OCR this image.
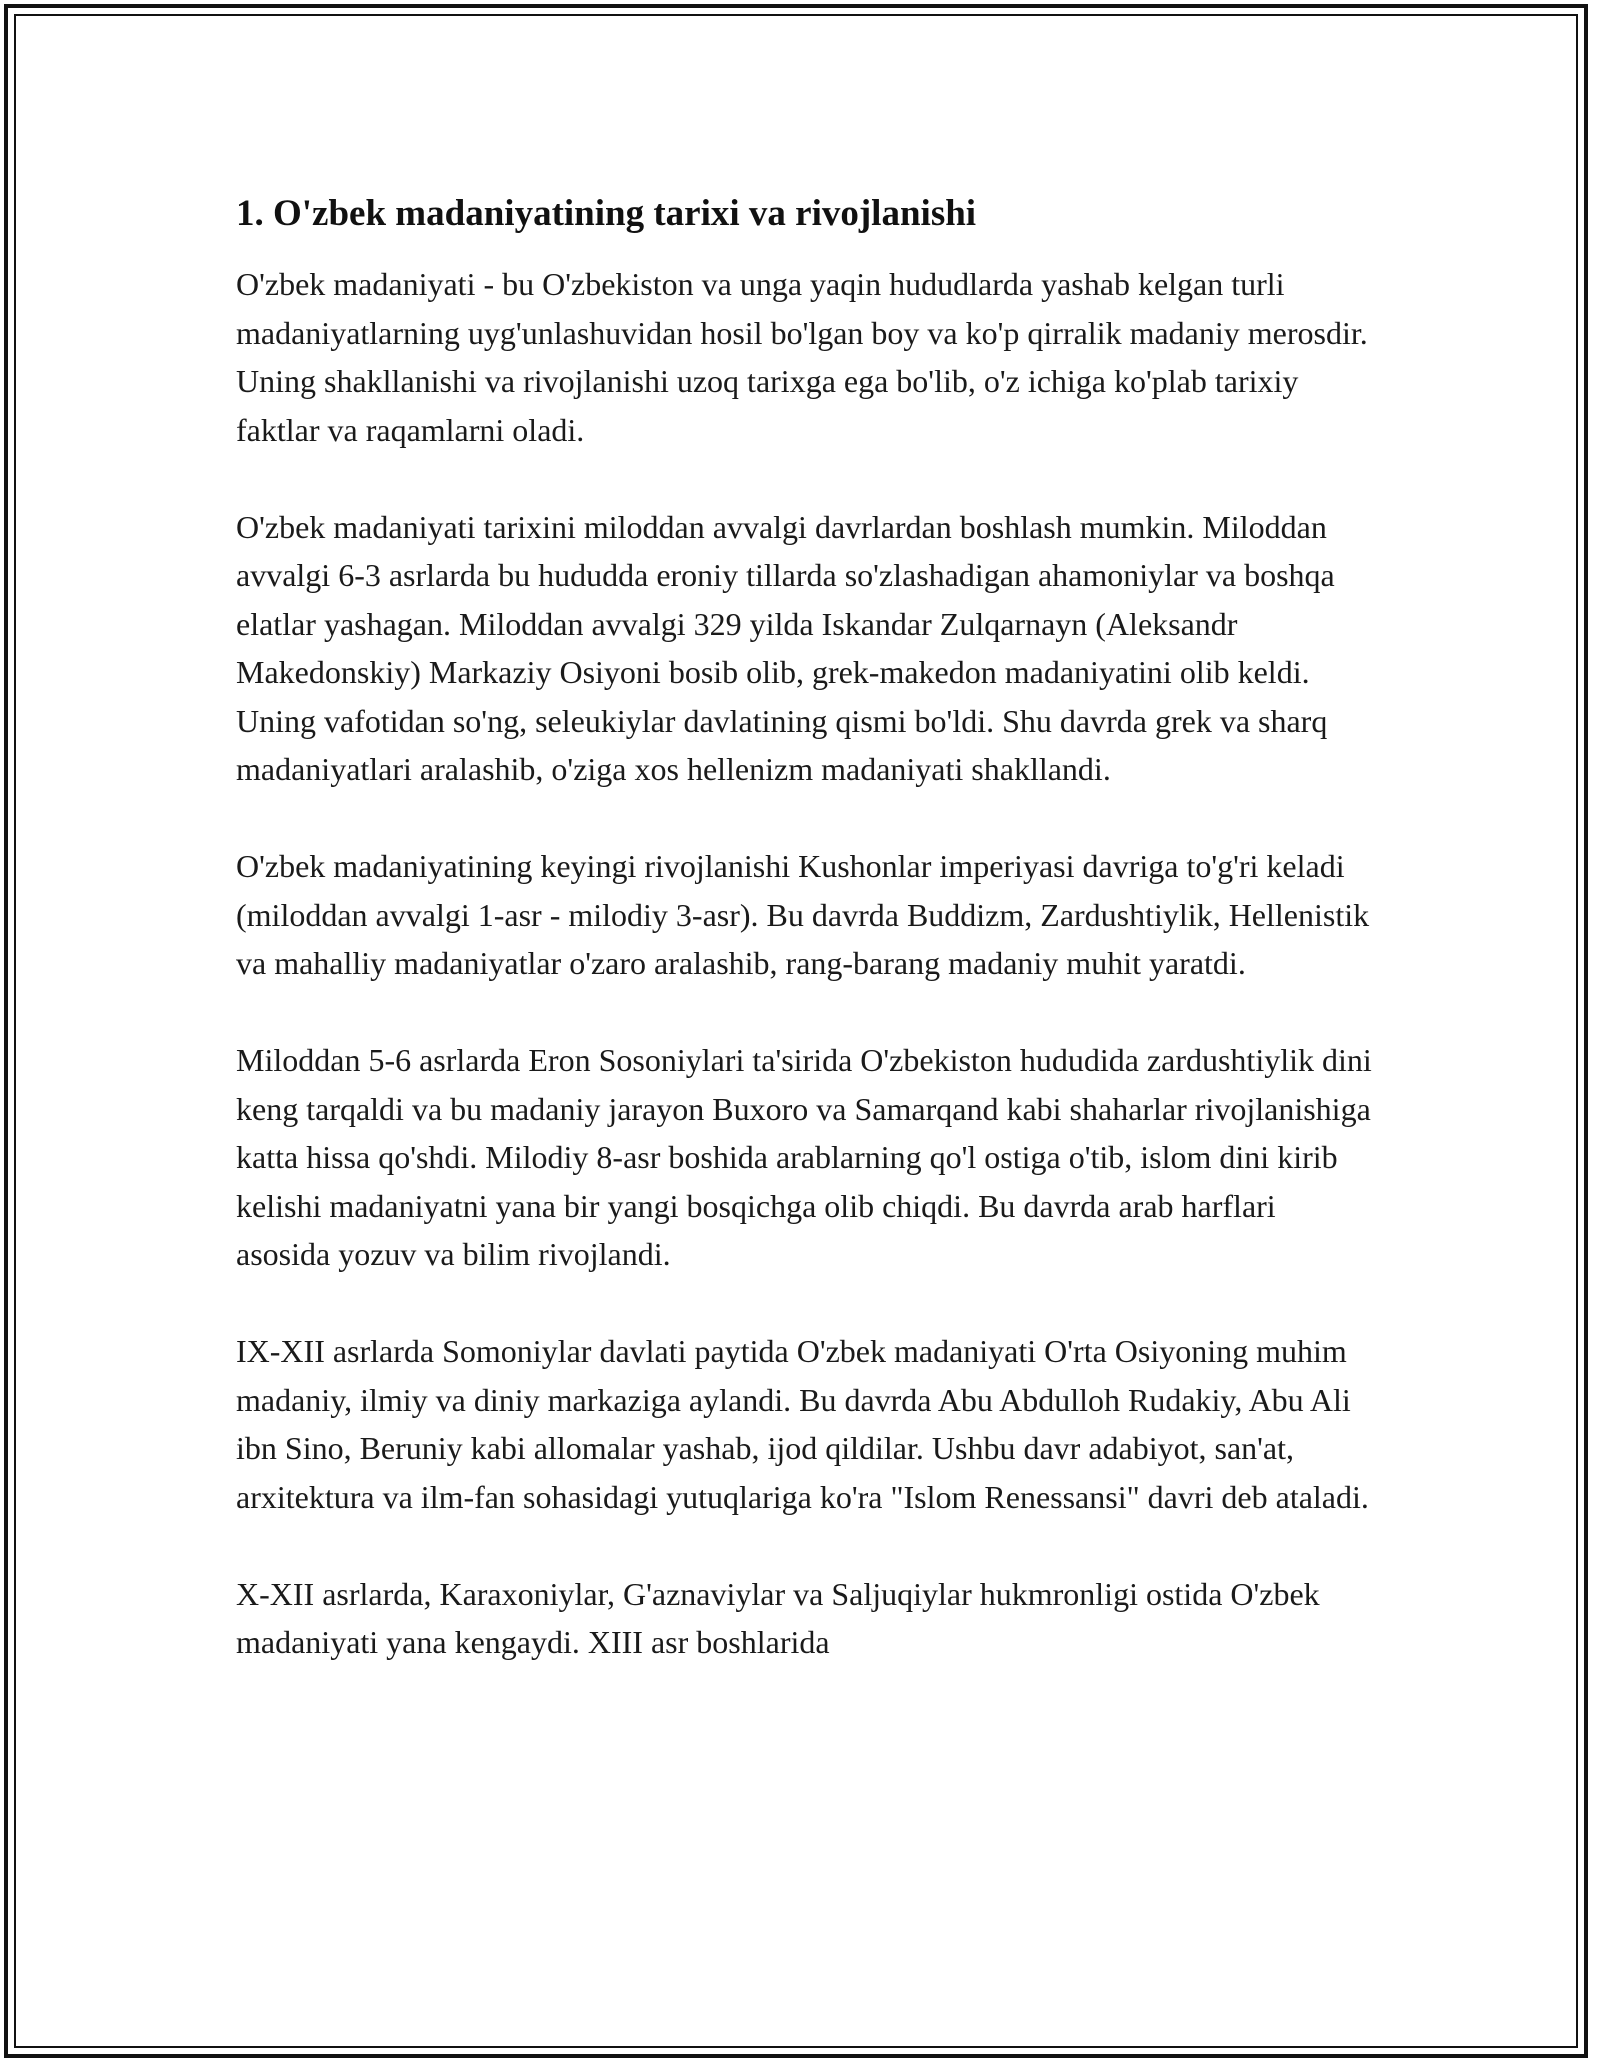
1. O'zbek madaniyatining tarixi va rivojlanishi

O'zbek madaniyati - bu O'zbekiston va unga yaqin hududlarda yashab kelgan turli madaniyatlarning uyg'unlashuvidan hosil bo'lgan boy va ko'p qirralik madaniy merosdir. Uning shakllanishi va rivojlanishi uzoq tarixga ega bo'lib, o'z ichiga ko'plab tarixiy faktlar va raqamlarni oladi.

O'zbek madaniyati tarixini miloddan avvalgi davrlardan boshlash mumkin. Miloddan avvalgi 6-3 asrlarda bu hududda eroniy tillarda so'zlashadigan ahamoniylar va boshqa elatlar yashagan. Miloddan avvalgi 329 yilda Iskandar Zulqarnayn (Aleksandr Makedonskiy) Markaziy Osiyoni bosib olib, grek-makedon madaniyatini olib keldi. Uning vafotidan so'ng, seleukiylar davlatining qismi bo'ldi. Shu davrda grek va sharq madaniyatlari aralashib, o'ziga xos hellenizm madaniyati shakllandi.

O'zbek madaniyatining keyingi rivojlanishi Kushonlar imperiyasi davriga to'g'ri keladi (miloddan avvalgi 1-asr - milodiy 3-asr). Bu davrda Buddizm, Zardushtiylik, Hellenistik va mahalliy madaniyatlar o'zaro aralashib, rang-barang madaniy muhit yaratdi.

Miloddan 5-6 asrlarda Eron Sosoniylari ta'sirida O'zbekiston hududida zardushtiylik dini keng tarqaldi va bu madaniy jarayon Buxoro va Samarqand kabi shaharlar rivojlanishiga katta hissa qo'shdi. Milodiy 8-asr boshida arablarning qo'l ostiga o'tib, islom dini kirib kelishi madaniyatni yana bir yangi bosqichga olib chiqdi. Bu davrda arab harflari asosida yozuv va bilim rivojlandi.

IX-XII asrlarda Somoniylar davlati paytida O'zbek madaniyati O'rta Osiyoning muhim madaniy, ilmiy va diniy markaziga aylandi. Bu davrda Abu Abdulloh Rudakiy, Abu Ali ibn Sino, Beruniy kabi allomalar yashab, ijod qildilar. Ushbu davr adabiyot, san'at, arxitektura va ilm-fan sohasidagi yutuqlariga ko'ra "Islom Renessansi" davri deb ataladi.

X-XII asrlarda, Karaxoniylar, G'aznaviylar va Saljuqiylar hukmronligi ostida O'zbek madaniyati yana kengaydi. XIII asr boshlarida
